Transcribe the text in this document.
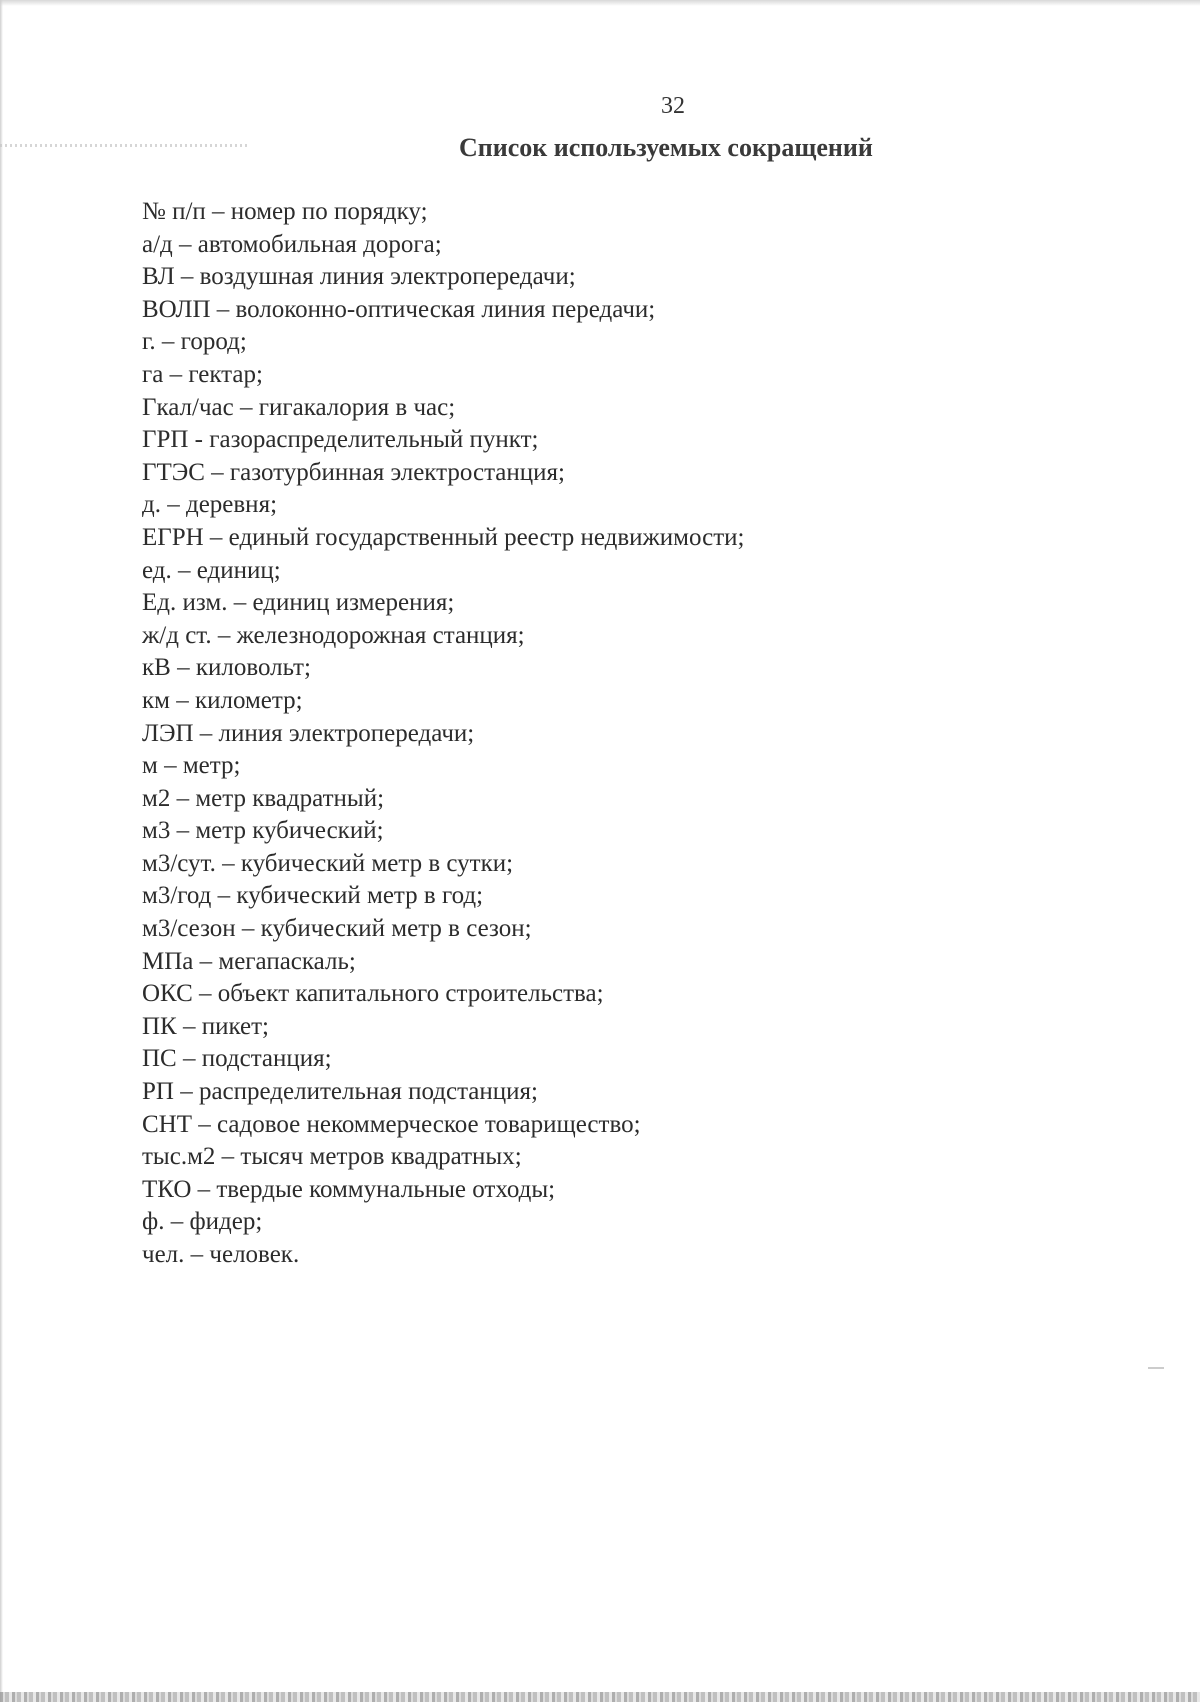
32
Список используемых сокращений
№ п/п – номер по порядку;
а/д – автомобильная дорога;
ВЛ – воздушная линия электропередачи;
ВОЛП – волоконно-оптическая линия передачи;
г. – город;
га – гектар;
Гкал/час – гигакалория в час;
ГРП - газораспределительный пункт;
ГТЭС – газотурбинная электростанция;
д. – деревня;
ЕГРН – единый государственный реестр недвижимости;
ед. – единиц;
Ед. изм. – единиц измерения;
ж/д ст. – железнодорожная станция;
кВ – киловольт;
км – километр;
ЛЭП – линия электропередачи;
м – метр;
м2 – метр квадратный;
м3 – метр кубический;
м3/сут. – кубический метр в сутки;
м3/год – кубический метр в год;
м3/сезон – кубический метр в сезон;
МПа – мегапаскаль;
ОКС – объект капитального строительства;
ПК – пикет;
ПС – подстанция;
РП – распределительная подстанция;
СНТ – садовое некоммерческое товарищество;
тыс.м2 – тысяч метров квадратных;
ТКО – твердые коммунальные отходы;
ф. – фидер;
чел. – человек.
